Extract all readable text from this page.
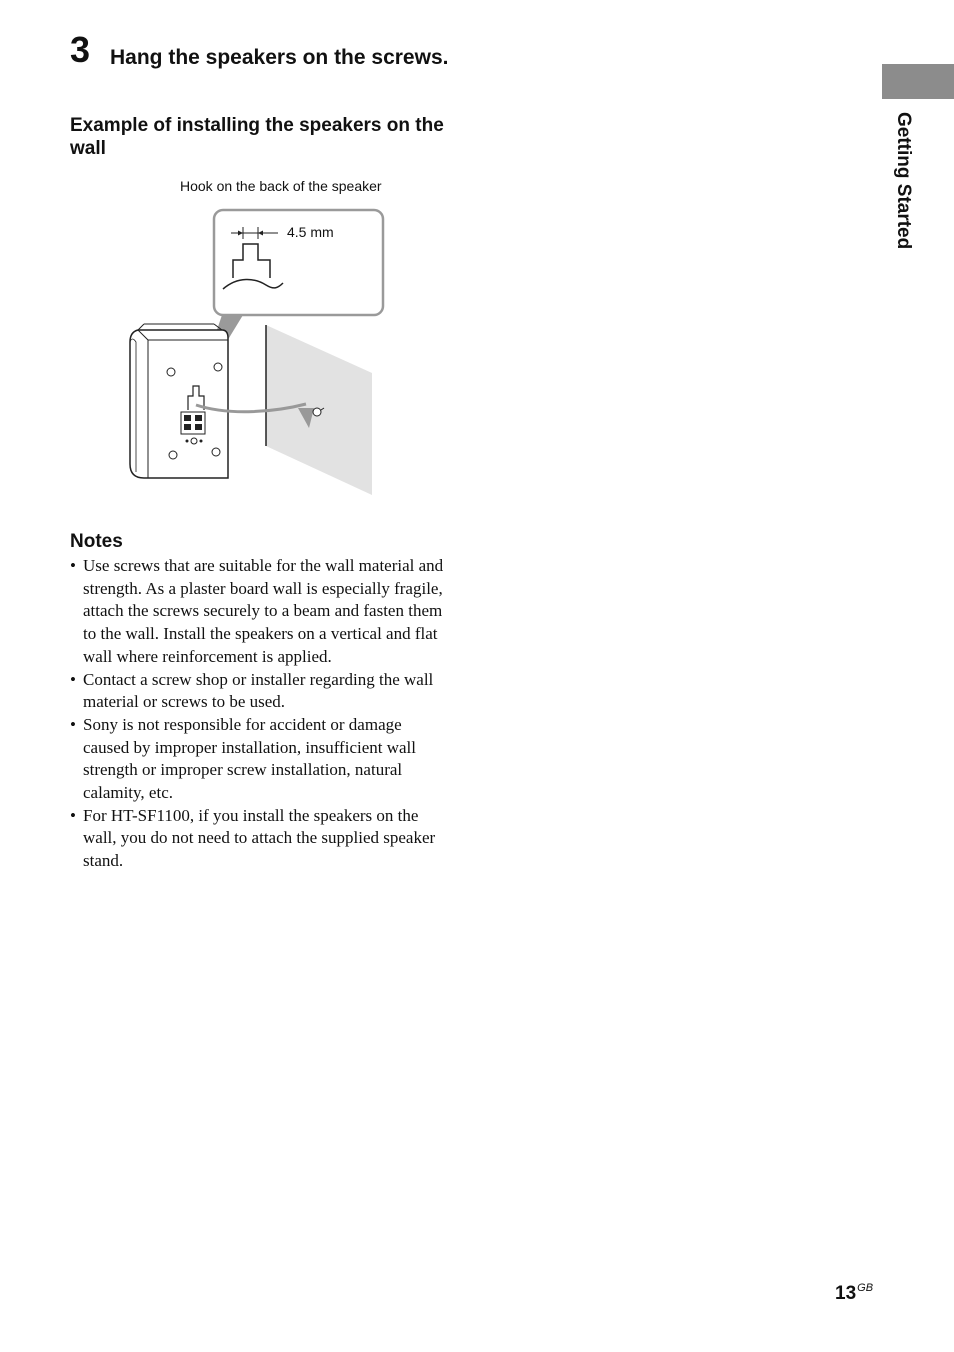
3 Hang the speakers on the screws.
Example of installing the speakers on the wall
Hook on the back of the speaker
4.5 mm
Notes
• Use screws that are suitable for the wall material and strength. As a plaster board wall is especially fragile, attach the screws securely to a beam and fasten them to the wall. Install the speakers on a vertical and flat wall where reinforcement is applied.
• Contact a screw shop or installer regarding the wall material or screws to be used.
• Sony is not responsible for accident or damage caused by improper installation, insufficient wall strength or improper screw installation, natural calamity, etc.
• For HT-SF1100, if you install the speakers on the wall, you do not need to attach the supplied speaker stand.
Getting Started
$13^{GB}$
